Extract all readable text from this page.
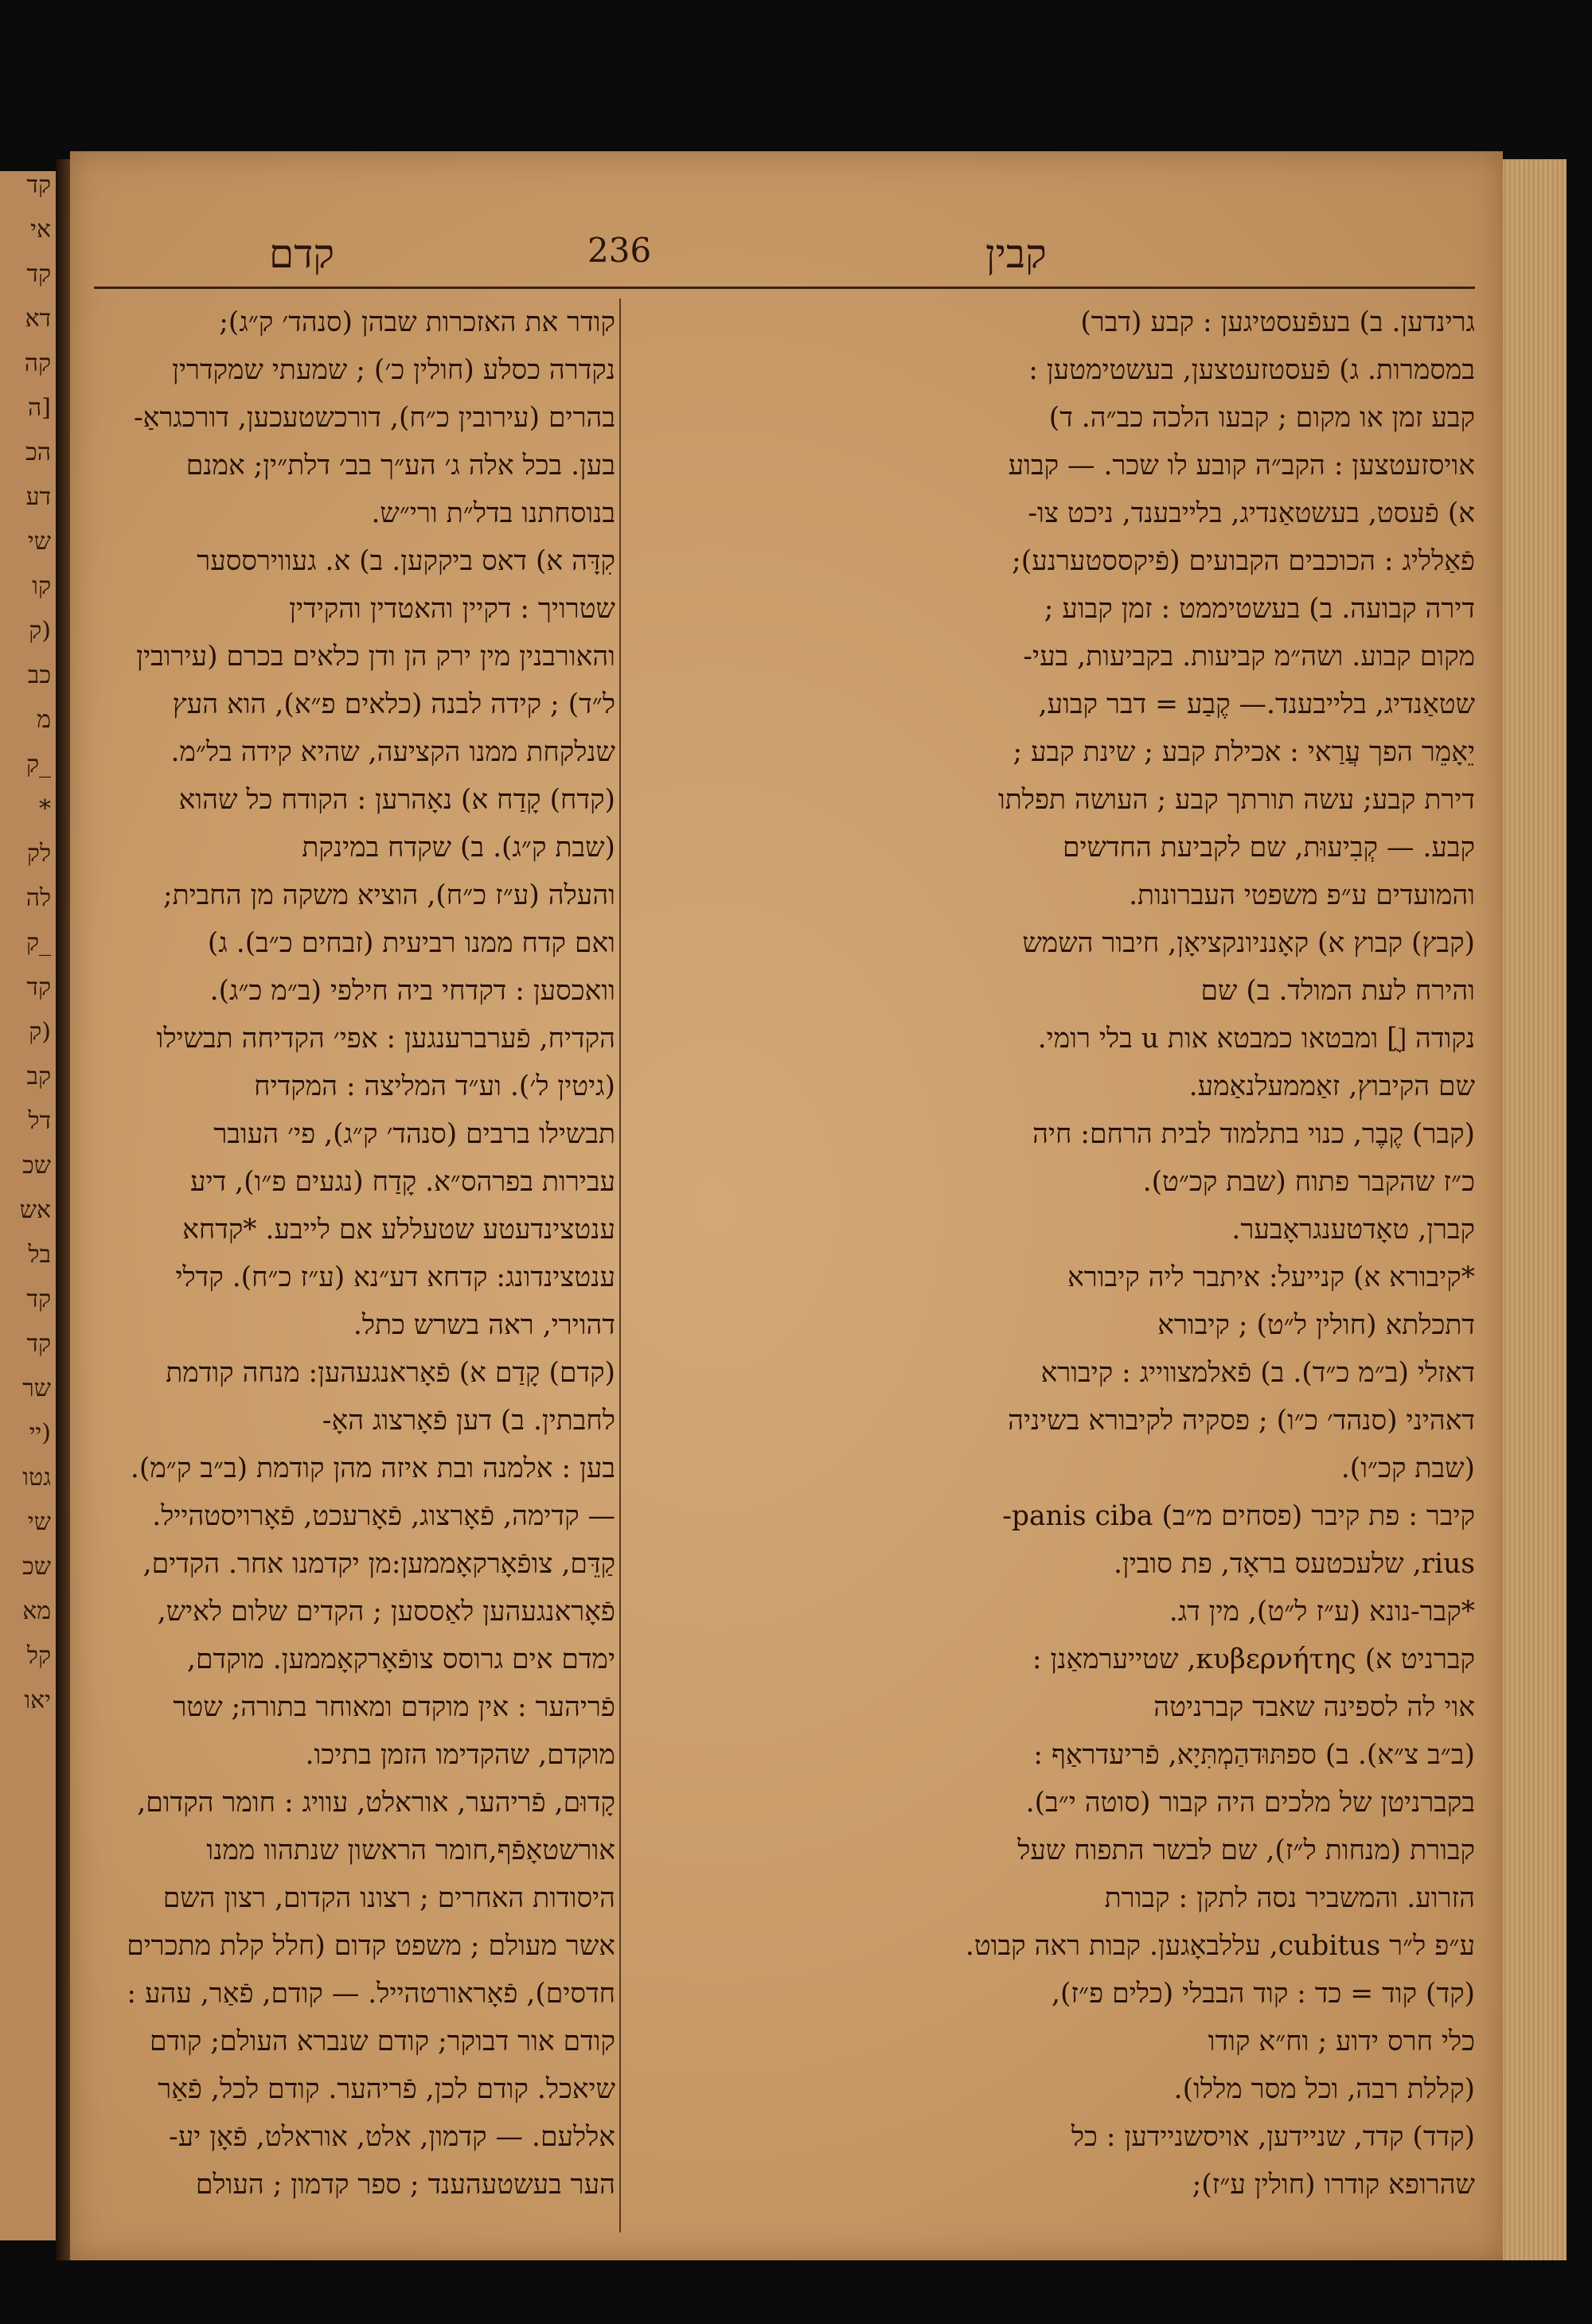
קד
אי
קד
דא
קה
[ה
הכ
דע
שי
קו
(ק
כב
מ
_ק
*
לק
לה
_ק
קד
(ק
קב
דל
שכ
אש
בל
קד
קד
שר
(יי
גטו
שי
שכ
מא
קל
יאו
קדם	236	קבין
גרינדען. ב) בעפֿעסטיגען : קבע (דבר)
במסמרות. ג) פֿעסטזעטצען, בעשטימטען :
קבע זמן או מקום ; קבעו הלכה כב״ה. ד)
אויסזעטצען : הקב״ה קובע לו שכר. — קבוע
א) פֿעסט, בעשטאַנדיג, בלייבענד, ניכט צו-
פֿאַלליג : הכוכבים הקבועים (פֿיקססטערנע);
דירה קבועה. ב) בעשטיממט : זמן קבוע ;
מקום קבוע. ושה״מ קביעות. בקביעות, בעי-
שטאַנדיג, בלייבענד.— קֶבַע = דבר קבוע,
יֵאָמֵר הפך עֲרַאי : אכילת קבע ; שינת קבע ;
דירת קבע; עשה תורתך קבע ; העושה תפלתו
קבע. — קְבִיעוּת, שם לקביעת החדשים
והמועדים ע״פ משפטי העברונות.
(קבץ) קבוץ א) קאָנניונקציאָן, חיבור השמש
והירח לעת המולד. ב) שם
נקודה [ֻ] ומבטאו כמבטא אות u בלי רומי.
שם הקיבוץ, זאַממעלנאַמע.
(קבר) קֶבֶר, כנוי בתלמוד לבית הרחם: חיה
כ״ז שהקבר פתוח (שבת קכ״ט).
קברן, טאָדטענגראָבער.
*קיבורא א) קנייעל: איתבר ליה קיבורא
דתכלתא (חולין ל״ט) ; קיבורא
דאזלי (ב״מ כ״ד). ב) פֿאלמצווייג : קיבורא
דאהיני (סנהד׳ כ״ו) ; פסקיה לקיבורא בשיניה
(שבת קכ״ו).
קיבר : פת קיבר (פסחים מ״ב) panis ciba-
rius, שלעכטעס בראָד, פת סובין.
*קבר-נונא (ע״ז ל״ט), מין דג.
קברניט א) κυβερνήτης, שטייערמאַנן :
אוי לה לספינה שאבד קברניטה
(ב״ב צ״א). ב) ספתּוּדהַמְתִּיָא, פֿריעדראַף :
בקברניטן של מלכים היה קבור (סוטה י״ב).
קבורת (מנחות ל״ז), שם לבשר התפוח שעל
הזרוע. והמשביר נסה לתקן : קבורת
ע״פ ל״ר cubitus, עללבאָגען. קבות ראה קבוט.
(קד) קוד = כד : קוד הבבלי (כלים פ״ז),
כלי חרס ידוע ; וח״א קודו
(קללת רבה, וכל מסר מללו).
(קדד) קדד, שניידען, אויסשניידען : כל
שהרופא קודרו (חולין ע״ז);
קודר את האזכרות שבהן (סנהד׳ ק״ג);
נקדרה כסלע (חולין כ׳) ; שמעתי שמקדרין
בהרים (עירובין כ״ח), דורכשטעכען, דורכגראַ-
בען. בכל אלה ג׳ הע״ך בב׳ דלת״ין; אמנם
בנוסחתנו בדל״ת ורי״ש.
קִדָּה א) דאס ביקקען. ב) א. געווירססער
שטרויך : דקיין והאטדין והקידין
והאורבנין מין ירק הן ודן כלאים בכרם (עירובין
ל״ד) ; קידה לבנה (כלאים פ״א), הוא העץ
שנלקחת ממנו הקציעה, שהיא קידה בל״מ.
(קדח) קָדַח א) נאָהרען : הקודח כל שהוא
(שבת ק״ג). ב) שקדח במינקת
והעלה (ע״ז כ״ח), הוציא משקה מן החבית;
ואם קדח ממנו רביעית (זבחים כ״ב). ג)
וואכסען : דקדחי ביה חילפי (ב״מ כ״ג).
הקדיח, פֿערברענגען : אפי׳ הקדיחה תבשילו
(גיטין ל׳). וע״ד המליצה : המקדיח
תבשילו ברבים (סנהד׳ ק״ג), פי׳ העובר
עבירות בפרהס״א. קָדַח (נגעים פ״ו), דיע
ענטצינדעטע שטעללע אם לייבע. *קדחא
ענטצינדונג: קדחא דע״נא (ע״ז כ״ח). קדלי
דהוירי, ראה בשרש כתל.
(קדם) קָדַם א) פֿאָראנגעהען: מנחה קודמת
לחבתין. ב) דען פֿאָרצוג האָ-
בען : אלמנה ובת איזה מהן קודמת (ב״ב ק״מ).
— קדימה, פֿאָרצוג, פֿאָרעכט, פֿאָרויסטהייל.
קַדֵּם, צופֿאָרקאָממען:מן יקדמנו אחר. הקדים,
פֿאָראנגעהען לאַססען ; הקדים שלום לאיש,
ימדם אים גרוסס צופֿאָרקאָממען. מוקדם,
פֿריהער : אין מוקדם ומאוחר בתורה; שטר
מוקדם, שהקדימו הזמן בתיכו.
קָדוּם, פֿריהער, אוראלט, עוויג : חומר הקדום,
אורשטאָפֿף,חומר הראשון שנתהוו ממנו
היסודות האחרים ; רצונו הקדום, רצון השם
אשר מעולם ; משפט קדום (חלל קלת מתכרים
חדסים), פֿאָראורטהייל. — קודם, פֿאַר, עהע :
קודם אור דבוקר; קודם שנברא העולם; קודם
שיאכל. קודם לכן, פֿריהער. קודם לכל, פֿאַר
אללעם. — קדמון, אלט, אוראלט, פֿאָן יע-
הער בעשטעהענד ; ספר קדמון ; העולם
